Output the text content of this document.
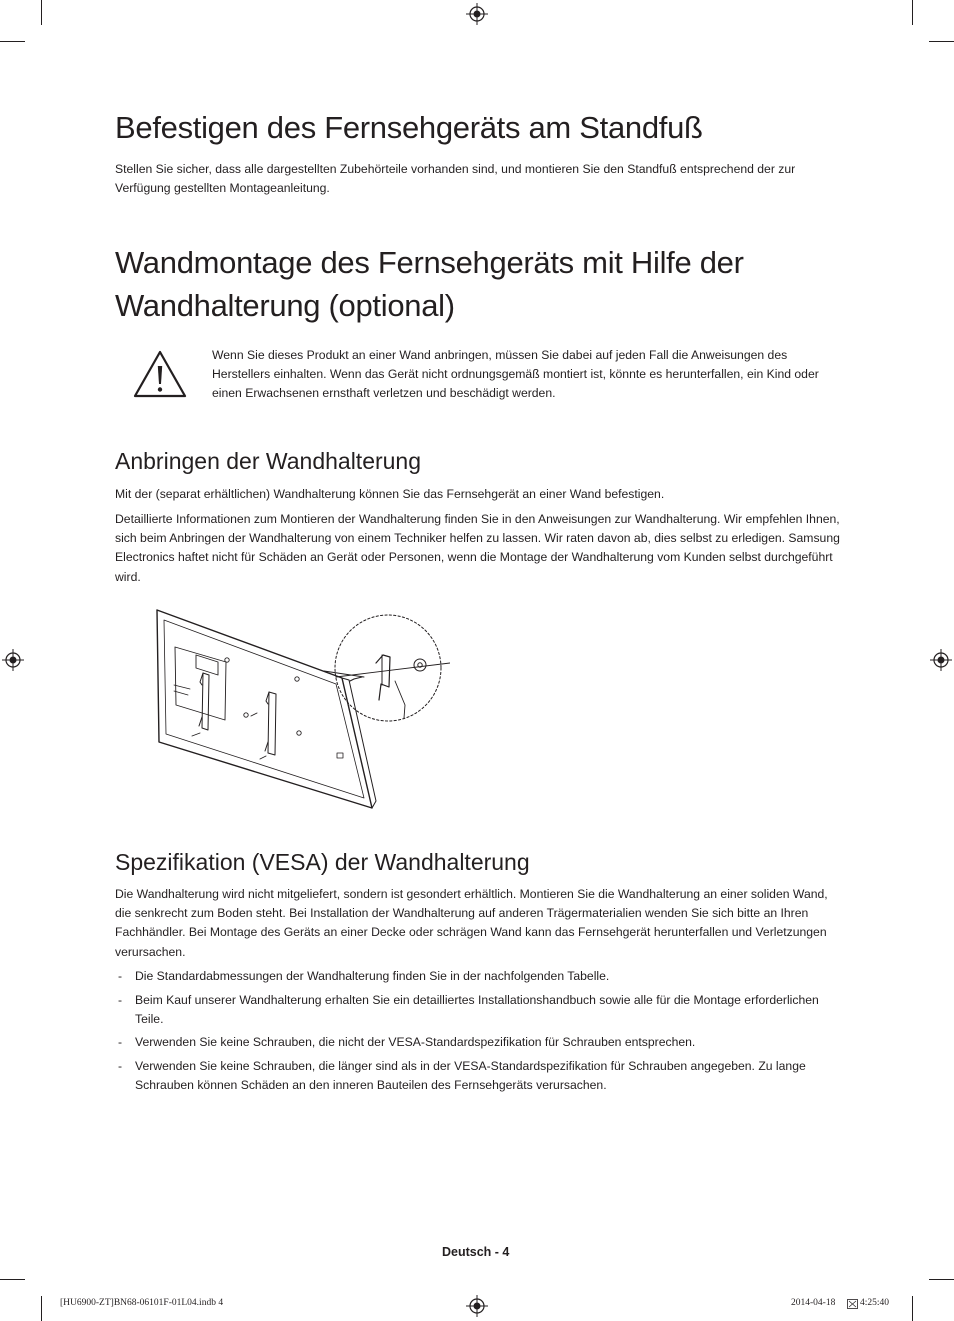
Befestigen des Fernsehgeräts am Standfuß

Stellen Sie sicher, dass alle dargestellten Zubehörteile vorhanden sind, und montieren Sie den Standfuß entsprechend der zur Verfügung gestellten Montageanleitung.

Wandmontage des Fernsehgeräts mit Hilfe der
Wandhalterung (optional)

Wenn Sie dieses Produkt an einer Wand anbringen, müssen Sie dabei auf jeden Fall die Anweisungen des Herstellers einhalten. Wenn das Gerät nicht ordnungsgemäß montiert ist, könnte es herunterfallen, ein Kind oder einen Erwachsenen ernsthaft verletzen und beschädigt werden.

Anbringen der Wandhalterung

Mit der (separat erhältlichen) Wandhalterung können Sie das Fernsehgerät an einer Wand befestigen.

Detaillierte Informationen zum Montieren der Wandhalterung finden Sie in den Anweisungen zur Wandhalterung. Wir empfehlen Ihnen, sich beim Anbringen der Wandhalterung von einem Techniker helfen zu lassen. Wir raten davon ab, dies selbst zu erledigen. Samsung Electronics haftet nicht für Schäden an Gerät oder Personen, wenn die Montage der Wandhalterung vom Kunden selbst durchgeführt wird.

Spezifikation (VESA) der Wandhalterung

Die Wandhalterung wird nicht mitgeliefert, sondern ist gesondert erhältlich. Montieren Sie die Wandhalterung an einer soliden Wand, die senkrecht zum Boden steht. Bei Installation der Wandhalterung auf anderen Trägermaterialien wenden Sie sich bitte an Ihren Fachhändler. Bei Montage des Geräts an einer Decke oder schrägen Wand kann das Fernsehgerät herunterfallen und Verletzungen verursachen.

- Die Standardabmessungen der Wandhalterung finden Sie in der nachfolgenden Tabelle.
- Beim Kauf unserer Wandhalterung erhalten Sie ein detailliertes Installationshandbuch sowie alle für die Montage erforderlichen Teile.
- Verwenden Sie keine Schrauben, die nicht der VESA-Standardspezifikation für Schrauben entsprechen.
- Verwenden Sie keine Schrauben, die länger sind als in der VESA-Standardspezifikation für Schrauben angegeben. Zu lange Schrauben können Schäden an den inneren Bauteilen des Fernsehgeräts verursachen.
Deutsch - 4
[HU6900-ZT]BN68-06101F-01L04.indb 4	2014-04-18	4:25:40
